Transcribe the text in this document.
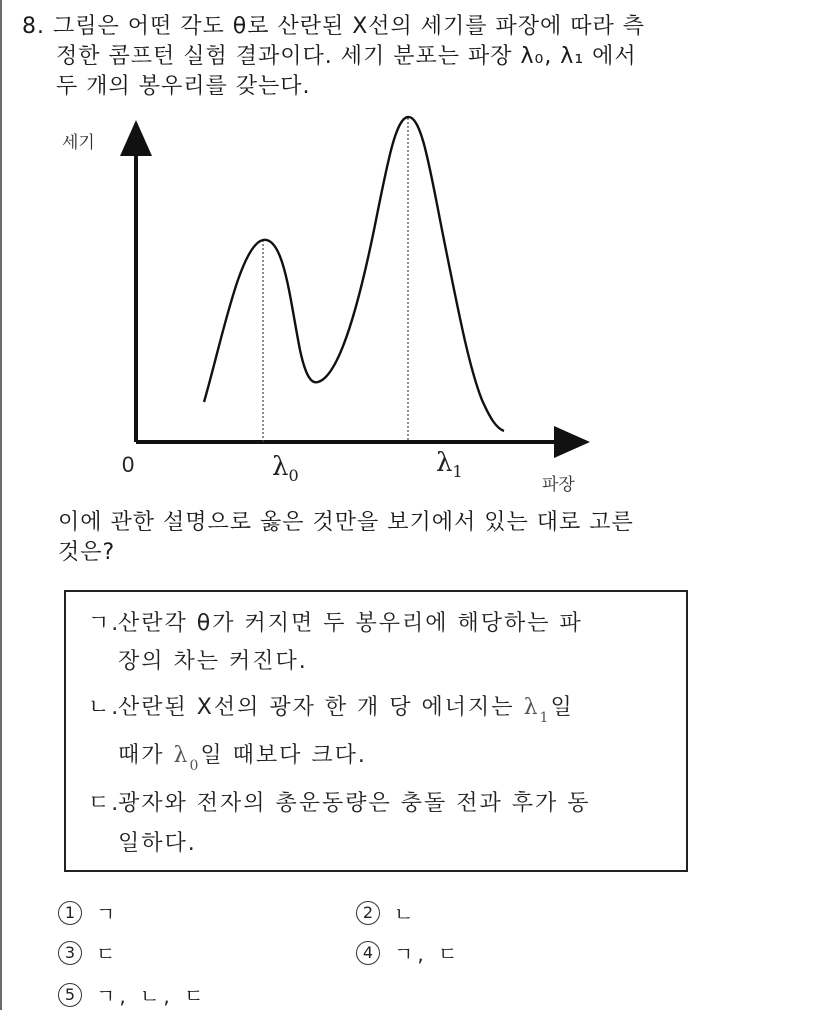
8. 그림은 어떤 각도 θ로 산란된 X선의 세기를 파장에 따라 측
정한 콤프턴 실험 결과이다. 세기 분포는 파장 λ₀, λ₁ 에서
두 개의 봉우리를 갖는다.
세기
0	$\lambda_0$	$\lambda_1$
파장
이에 관한 설명으로 옳은 것만을 보기에서 있는 대로 고른
것은?
ㄱ.산란각 θ가 커지면 두 봉우리에 해당하는 파
장의 차는 커진다.
ㄴ.산란된 X선의 광자 한 개 당 에너지는 $\lambda_1$일
때가 $\lambda_0$일 때보다 크다.
ㄷ.광자와 전자의 총운동량은 충돌 전과 후가 동
일하다.
1 ㄱ	2 ㄴ
3 ㄷ	4 ㄱ, ㄷ
5 ㄱ, ㄴ, ㄷ
